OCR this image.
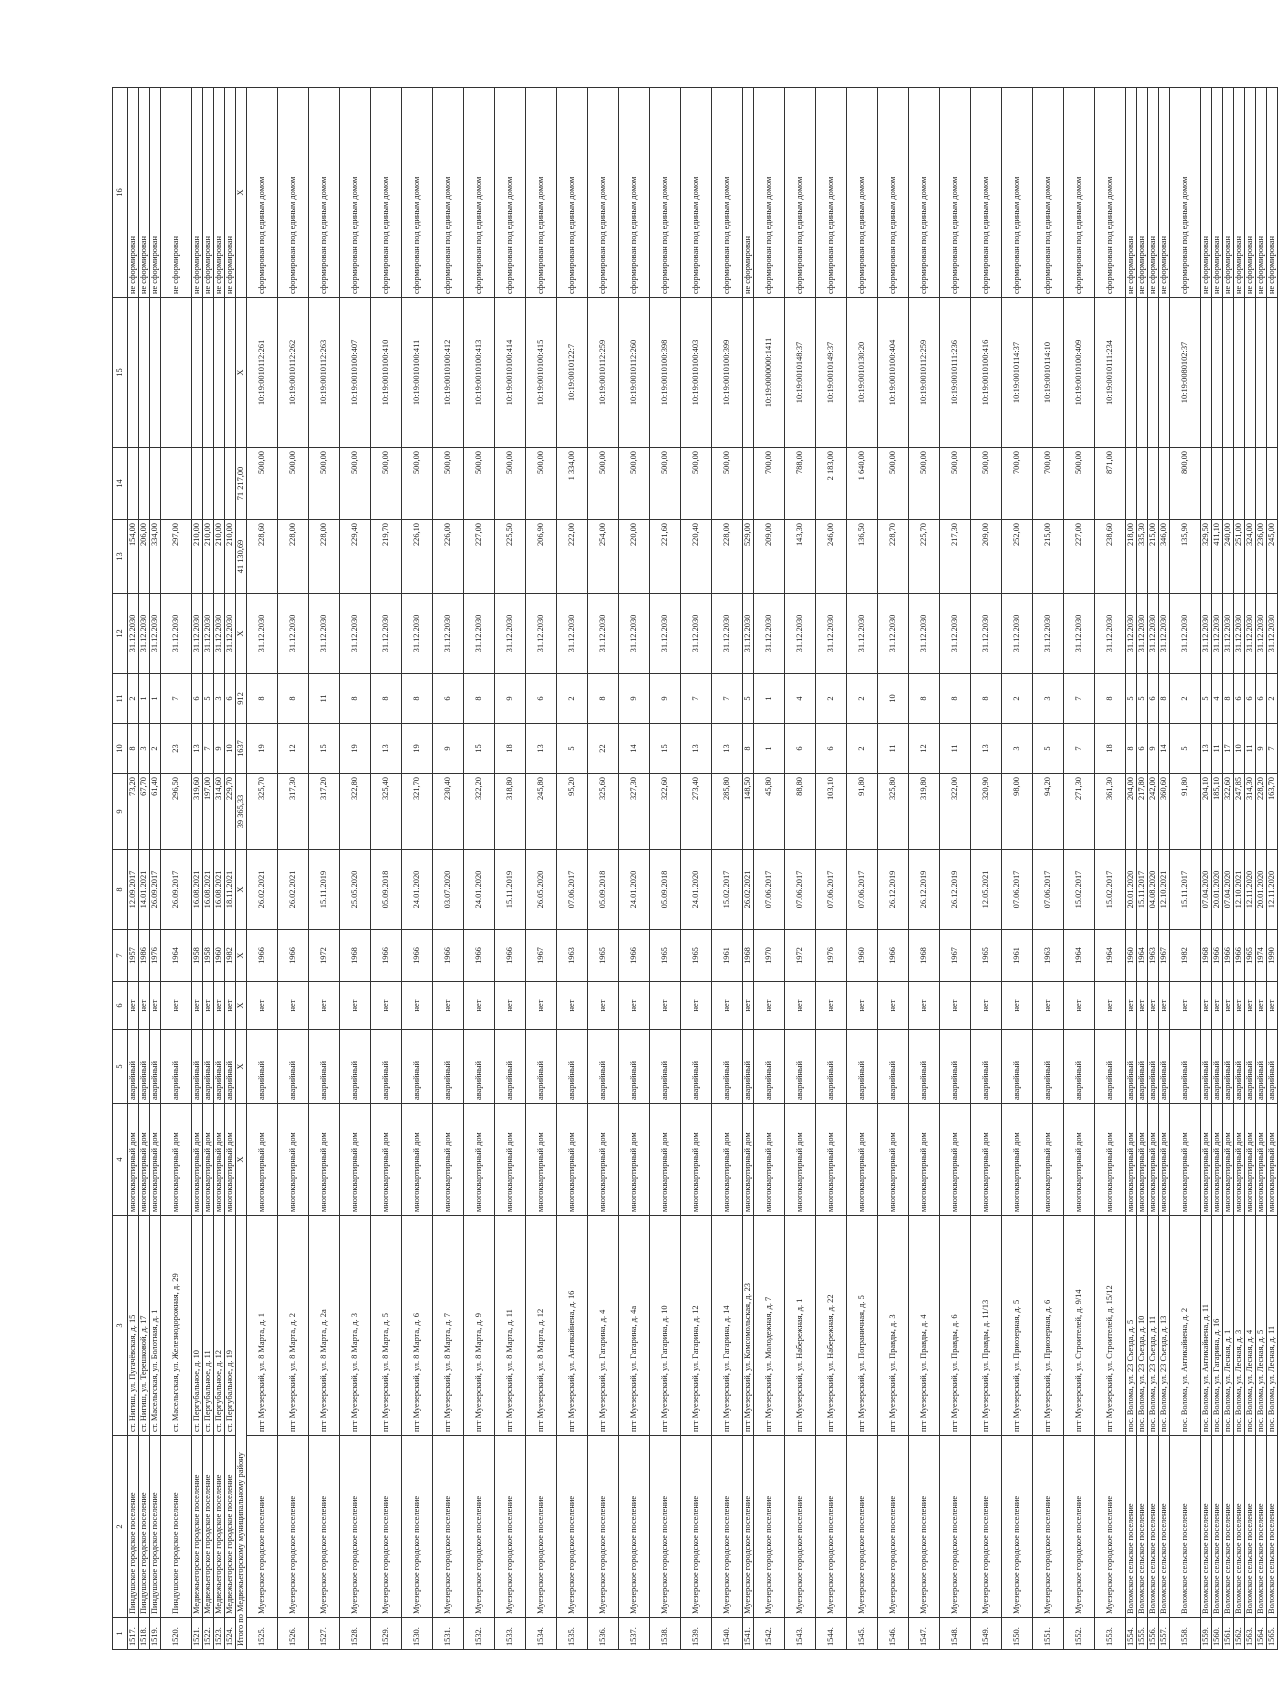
1	2	3	4	5	6	7	8	9	10	11	12	13	14	15	16
1517.	Пиндушское городское поселение	ст. Нигиш, ул. Пугачёвская, д. 15	многоквартирный дом	аварийный	нет	1957	12.09.2017	73,20	8	2	31.12.2030	154,00			не сформирован
1518.	Пиндушское городское поселение	ст. Нигиш, ул. Терешковой, д. 17	многоквартирный дом	аварийный	нет	1986	14.01.2021	67,70	3	1	31.12.2030	206,00			не сформирован
1519.	Пиндушское городское поселение	ст. Масельгская, ул. Болотная, д. 1	многоквартирный дом	аварийный	нет	1976	26.09.2017	61,40	2	1	31.12.2030	334,00			не сформирован
1520.	Пиндушское городское поселение	ст. Масельгская, ул. Железнодорожная, д. 29	многоквартирный дом	аварийный	нет	1964	26.09.2017	296,50	23	7	31.12.2030	297,00			не сформирован
1521.	Медвежьегорское городское поселение	ст. Пергубальное, д. 10	многоквартирный дом	аварийный	нет	1958	16.08.2021	319,60	13	6	31.12.2030	210,00			не сформирован
1522.	Медвежьегорское городское поселение	ст. Пергубальное, д. 11	многоквартирный дом	аварийный	нет	1958	16.08.2021	197,00	7	5	31.12.2030	210,00			не сформирован
1523.	Медвежьегорское городское поселение	ст. Пергубальное, д. 12	многоквартирный дом	аварийный	нет	1960	16.08.2021	314,60	9	3	31.12.2030	210,00			не сформирован
1524.	Медвежьегорское городское поселение	ст. Пергубальное, д. 19	многоквартирный дом	аварийный	нет	1982	18.11.2021	229,70	10	6	31.12.2030	210,00			не сформирован
Итого по Медвежьегорскому муниципальному району			X	X	X	X	X	39 365,33	1637	912	X	41 130,69	71 217,00	X	X
1525.	Муезерское городское поселение	пгт Муезерский, ул. 8 Марта, д. 1	многоквартирный дом	аварийный	нет	1966	26.02.2021	325,70	19	8	31.12.2030	228,60	500,00	10:19:0010112:261	сформирован под единым домом
1526.	Муезерское городское поселение	пгт Муезерский, ул. 8 Марта, д. 2	многоквартирный дом	аварийный	нет	1966	26.02.2021	317,30	12	8	31.12.2030	228,00	500,00	10:19:0010112:262	сформирован под единым домом
1527.	Муезерское городское поселение	пгт Муезерский, ул. 8 Марта, д. 2а	многоквартирный дом	аварийный	нет	1972	15.11.2019	317,20	15	11	31.12.2030	228,00	500,00	10:19:0010112:263	сформирован под единым домом
1528.	Муезерское городское поселение	пгт Муезерский, ул. 8 Марта, д. 3	многоквартирный дом	аварийный	нет	1968	25.05.2020	322,80	19	8	31.12.2030	229,40	500,00	10:19:0010100:407	сформирован под единым домом
1529.	Муезерское городское поселение	пгт Муезерский, ул. 8 Марта, д. 5	многоквартирный дом	аварийный	нет	1966	05.09.2018	325,40	13	8	31.12.2030	219,70	500,00	10:19:0010100:410	сформирован под единым домом
1530.	Муезерское городское поселение	пгт Муезерский, ул. 8 Марта, д. 6	многоквартирный дом	аварийный	нет	1966	24.01.2020	321,70	19	8	31.12.2030	226,10	500,00	10:19:0010100:411	сформирован под единым домом
1531.	Муезерское городское поселение	пгт Муезерский, ул. 8 Марта, д. 7	многоквартирный дом	аварийный	нет	1966	03.07.2020	230,40	9	6	31.12.2030	226,00	500,00	10:19:0010100:412	сформирован под единым домом
1532.	Муезерское городское поселение	пгт Муезерский, ул. 8 Марта, д. 9	многоквартирный дом	аварийный	нет	1966	24.01.2020	322,20	15	8	31.12.2030	227,00	500,00	10:19:0010100:413	сформирован под единым домом
1533.	Муезерское городское поселение	пгт Муезерский, ул. 8 Марта, д. 11	многоквартирный дом	аварийный	нет	1966	15.11.2019	318,80	18	9	31.12.2030	225,50	500,00	10:19:0010100:414	сформирован под единым домом
1534.	Муезерское городское поселение	пгт Муезерский, ул. 8 Марта, д. 12	многоквартирный дом	аварийный	нет	1967	26.05.2020	245,80	13	6	31.12.2030	206,90	500,00	10:19:0010100:415	сформирован под единым домом
1535.	Муезерское городское поселение	пгт Муезерский, ул. Антикайнена, д. 16	многоквартирный дом	аварийный	нет	1963	07.06.2017	95,20	5	2	31.12.2030	222,00	1 334,00	10:19:0010122:7	сформирован под единым домом
1536.	Муезерское городское поселение	пгт Муезерский, ул. Гагарина, д. 4	многоквартирный дом	аварийный	нет	1965	05.09.2018	325,60	22	8	31.12.2030	254,00	500,00	10:19:0010112:259	сформирован под единым домом
1537.	Муезерское городское поселение	пгт Муезерский, ул. Гагарина, д. 4а	многоквартирный дом	аварийный	нет	1966	24.01.2020	327,30	14	9	31.12.2030	220,00	500,00	10:19:0010112:260	сформирован под единым домом
1538.	Муезерское городское поселение	пгт Муезерский, ул. Гагарина, д. 10	многоквартирный дом	аварийный	нет	1965	05.09.2018	322,60	15	9	31.12.2030	221,60	500,00	10:19:0010100:398	сформирован под единым домом
1539.	Муезерское городское поселение	пгт Муезерский, ул. Гагарина, д. 12	многоквартирный дом	аварийный	нет	1965	24.01.2020	273,40	13	7	31.12.2030	220,40	500,00	10:19:0010100:403	сформирован под единым домом
1540.	Муезерское городское поселение	пгт Муезерский, ул. Гагарина, д. 14	многоквартирный дом	аварийный	нет	1961	15.02.2017	285,80	13	7	31.12.2030	228,00	500,00	10:19:0010100:399	сформирован под единым домом
1541.	Муезерское городское поселение	пгт Муезерский, ул. Комсомольская, д. 23	многоквартирный дом	аварийный	нет	1968	26.02.2021	148,50	8	5	31.12.2030	529,00			не сформирован
1542.	Муезерское городское поселение	пгт Муезерский, ул. Молодежная, д. 7	многоквартирный дом	аварийный	нет	1970	07.06.2017	45,80	1	1	31.12.2030	209,00	700,00	10:19:0000000:1411	сформирован под единым домом
1543.	Муезерское городское поселение	пгт Муезерский, ул. Набережная, д. 1	многоквартирный дом	аварийный	нет	1972	07.06.2017	88,80	6	4	31.12.2030	143,30	788,00	10:19:0010148:37	сформирован под единым домом
1544.	Муезерское городское поселение	пгт Муезерский, ул. Набережная, д. 22	многоквартирный дом	аварийный	нет	1976	07.06.2017	103,10	6	2	31.12.2030	246,00	2 183,00	10:19:0010149:37	сформирован под единым домом
1545.	Муезерское городское поселение	пгт Муезерский, ул. Пограничная, д. 5	многоквартирный дом	аварийный	нет	1960	07.06.2017	91,80	2	2	31.12.2030	136,50	1 640,00	10:19:0010130:20	сформирован под единым домом
1546.	Муезерское городское поселение	пгт Муезерский, ул. Правды, д. 3	многоквартирный дом	аварийный	нет	1966	26.12.2019	325,80	11	10	31.12.2030	228,70	500,00	10:19:0010100:404	сформирован под единым домом
1547.	Муезерское городское поселение	пгт Муезерский, ул. Правды, д. 4	многоквартирный дом	аварийный	нет	1968	26.12.2019	319,80	12	8	31.12.2030	225,70	500,00	10:19:0010112:259	сформирован под единым домом
1548.	Муезерское городское поселение	пгт Муезерский, ул. Правды, д. 6	многоквартирный дом	аварийный	нет	1967	26.12.2019	322,00	11	8	31.12.2030	217,30	500,00	10:19:0010111:236	сформирован под единым домом
1549.	Муезерское городское поселение	пгт Муезерский, ул. Правды, д. 11/13	многоквартирный дом	аварийный	нет	1965	12.05.2021	320,90	13	8	31.12.2030	209,00	500,00	10:19:0010100:416	сформирован под единым домом
1550.	Муезерское городское поселение	пгт Муезерский, ул. Приозерная, д. 5	многоквартирный дом	аварийный	нет	1961	07.06.2017	98,00	3	2	31.12.2030	252,00	700,00	10:19:0010114:37	сформирован под единым домом
1551.	Муезерское городское поселение	пгт Муезерский, ул. Приозерная, д. 6	многоквартирный дом	аварийный	нет	1963	07.06.2017	94,20	5	3	31.12.2030	215,00	700,00	10:19:0010114:10	сформирован под единым домом
1552.	Муезерское городское поселение	пгт Муезерский, ул. Строителей, д. 9/14	многоквартирный дом	аварийный	нет	1964	15.02.2017	271,30	7	7	31.12.2030	227,00	500,00	10:19:0010100:409	сформирован под единым домом
1553.	Муезерское городское поселение	пгт Муезерский, ул. Строителей, д. 15/12	многоквартирный дом	аварийный	нет	1964	15.02.2017	361,30	18	8	31.12.2030	238,60	871,00	10:19:0010111:234	сформирован под единым домом
1554.	Воломское сельское поселение	пос. Волома, ул. 23 Съезда, д. 5	многоквартирный дом	аварийный	нет	1960	20.01.2020	204,00	8	5	31.12.2030	218,00			не сформирован
1555.	Воломское сельское поселение	пос. Волома, ул. 23 Съезда, д. 10	многоквартирный дом	аварийный	нет	1964	15.11.2017	217,80	6	5	31.12.2030	335,30			не сформирован
1556.	Воломское сельское поселение	пос. Волома, ул. 23 Съезда, д. 11	многоквартирный дом	аварийный	нет	1963	04.08.2020	242,00	9	6	31.12.2030	215,00			не сформирован
1557.	Воломское сельское поселение	пос. Волома, ул. 23 Съезда, д. 13	многоквартирный дом	аварийный	нет	1967	12.10.2021	360,60	14	8	31.12.2030	346,00			не сформирован
1558.	Воломское сельское поселение	пос. Волома, ул. Антикайнена, д. 2	многоквартирный дом	аварийный	нет	1982	15.11.2017	91,80	5	2	31.12.2030	135,90	800,00	10:19:0080102:37	сформирован под единым домом
1559.	Воломское сельское поселение	пос. Волома, ул. Антикайнена, д. 11	многоквартирный дом	аварийный	нет	1968	07.04.2020	204,10	13	5	31.12.2030	329,50			не сформирован
1560.	Воломское сельское поселение	пос. Волома, ул. Гагарина, д. 16	многоквартирный дом	аварийный	нет	1966	20.01.2020	185,10	11	4	31.12.2030	411,10			не сформирован
1561.	Воломское сельское поселение	пос. Волома, ул. Лесная, д. 1	многоквартирный дом	аварийный	нет	1966	07.04.2020	322,60	17	8	31.12.2030	240,00			не сформирован
1562.	Воломское сельское поселение	пос. Волома, ул. Лесная, д. 3	многоквартирный дом	аварийный	нет	1966	12.10.2021	247,85	10	6	31.12.2030	251,00			не сформирован
1563.	Воломское сельское поселение	пос. Волома, ул. Лесная, д. 4	многоквартирный дом	аварийный	нет	1965	12.11.2020	314,30	11	6	31.12.2030	324,00			не сформирован
1564.	Воломское сельское поселение	пос. Волома, ул. Лесная, д. 5	многоквартирный дом	аварийный	нет	1974	20.01.2020	228,20	9	6	31.12.2030	236,00			не сформирован
1565.	Воломское сельское поселение	пос. Волома, ул. Лесная, д. 11	многоквартирный дом	аварийный	нет	1990	12.11.2020	163,70	7	2	31.12.2030	245,00			не сформирован
